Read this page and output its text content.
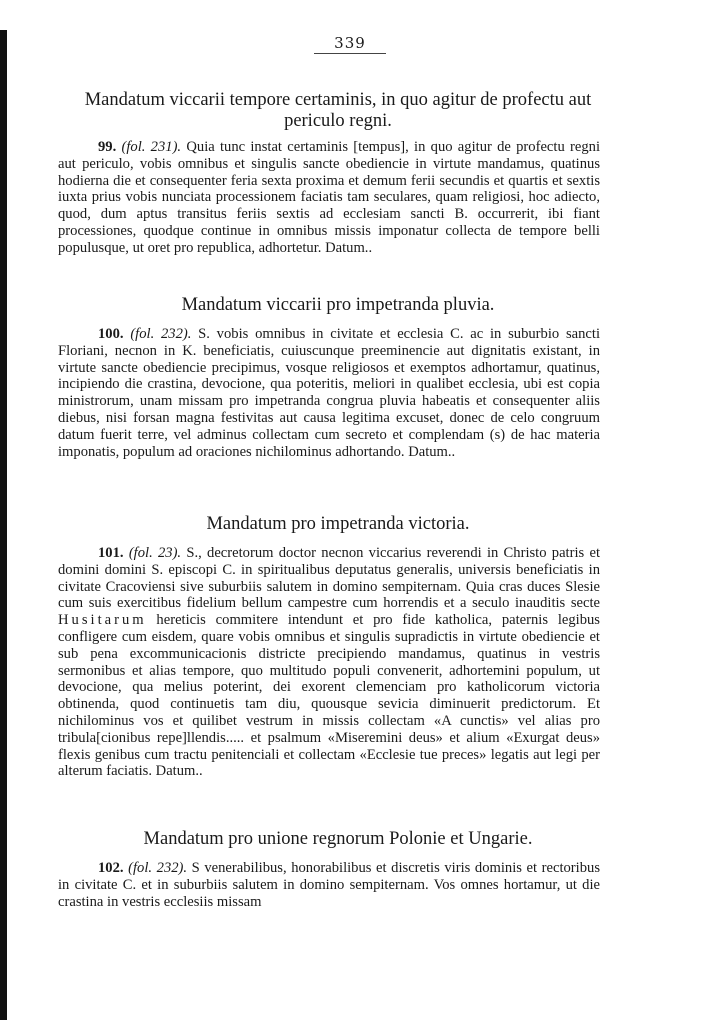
339
Mandatum viccarii tempore certaminis, in quo agitur de profectu aut periculo regni.

99. (fol. 231). Quia tunc instat certaminis [tempus], in quo agitur de profectu regni aut periculo, vobis omnibus et singulis sancte obediencie in virtute mandamus, quatinus hodierna die et consequenter feria sexta proxima et demum ferii secundis et quartis et sextis iuxta prius vobis nunciata processionem faciatis tam seculares, quam religiosi, hoc adiecto, quod, dum aptus transitus feriis sextis ad ecclesiam sancti B. occurrerit, ibi fiant processiones, quodque continue in omnibus missis imponatur collecta de tempore belli populusque, ut oret pro republica, adhortetur. Datum..

Mandatum viccarii pro impetranda pluvia.

100. (fol. 232). S. vobis omnibus in civitate et ecclesia C. ac in suburbio sancti Floriani, necnon in K. beneficiatis, cuiuscunque preeminencie aut dignitatis existant, in virtute sancte obediencie precipimus, vosque religiosos et exemptos adhortamur, quatinus, incipiendo die crastina, devocione, qua poteritis, meliori in qualibet ecclesia, ubi est copia ministrorum, unam missam pro impetranda congrua pluvia habeatis et consequenter aliis diebus, nisi forsan magna festivitas aut causa legitima excuset, donec de celo congruum datum fuerit terre, vel adminus collectam cum secreto et complendam (s) de hac materia imponatis, populum ad oraciones nichilominus adhortando. Datum..

Mandatum pro impetranda victoria.

101. (fol. 23). S., decretorum doctor necnon viccarius reverendi in Christo patris et domini domini S. episcopi C. in spiritualibus deputatus generalis, universis beneficiatis in civitate Cracoviensi sive suburbiis salutem in domino sempiternam. Quia cras duces Slesie cum suis exercitibus fidelium bellum campestre cum horrendis et a seculo inauditis secte Husitarum hereticis commitere intendunt et pro fide katholica, paternis legibus confligere cum eisdem, quare vobis omnibus et singulis supradictis in virtute obediencie et sub pena excommunicacionis districte precipiendo mandamus, quatinus in vestris sermonibus et alias tempore, quo multitudo populi convenerit, adhortemini populum, ut devocione, qua melius poterint, dei exorent clemenciam pro katholicorum victoria obtinenda, quod continuetis tam diu, quousque sevicia diminuerit predictorum. Et nichilominus vos et quilibet vestrum in missis collectam «A cunctis» vel alias pro tribula[cionibus repe]llendis..... et psalmum «Miseremini deus» et alium «Exurgat deus» flexis genibus cum tractu penitenciali et collectam «Ecclesie tue preces» legatis aut legi per alterum faciatis. Datum..

Mandatum pro unione regnorum Polonie et Ungarie.

102. (fol. 232). S venerabilibus, honorabilibus et discretis viris dominis et rectoribus in civitate C. et in suburbiis salutem in domino sempiternam. Vos omnes hortamur, ut die crastina in vestris ecclesiis missam
